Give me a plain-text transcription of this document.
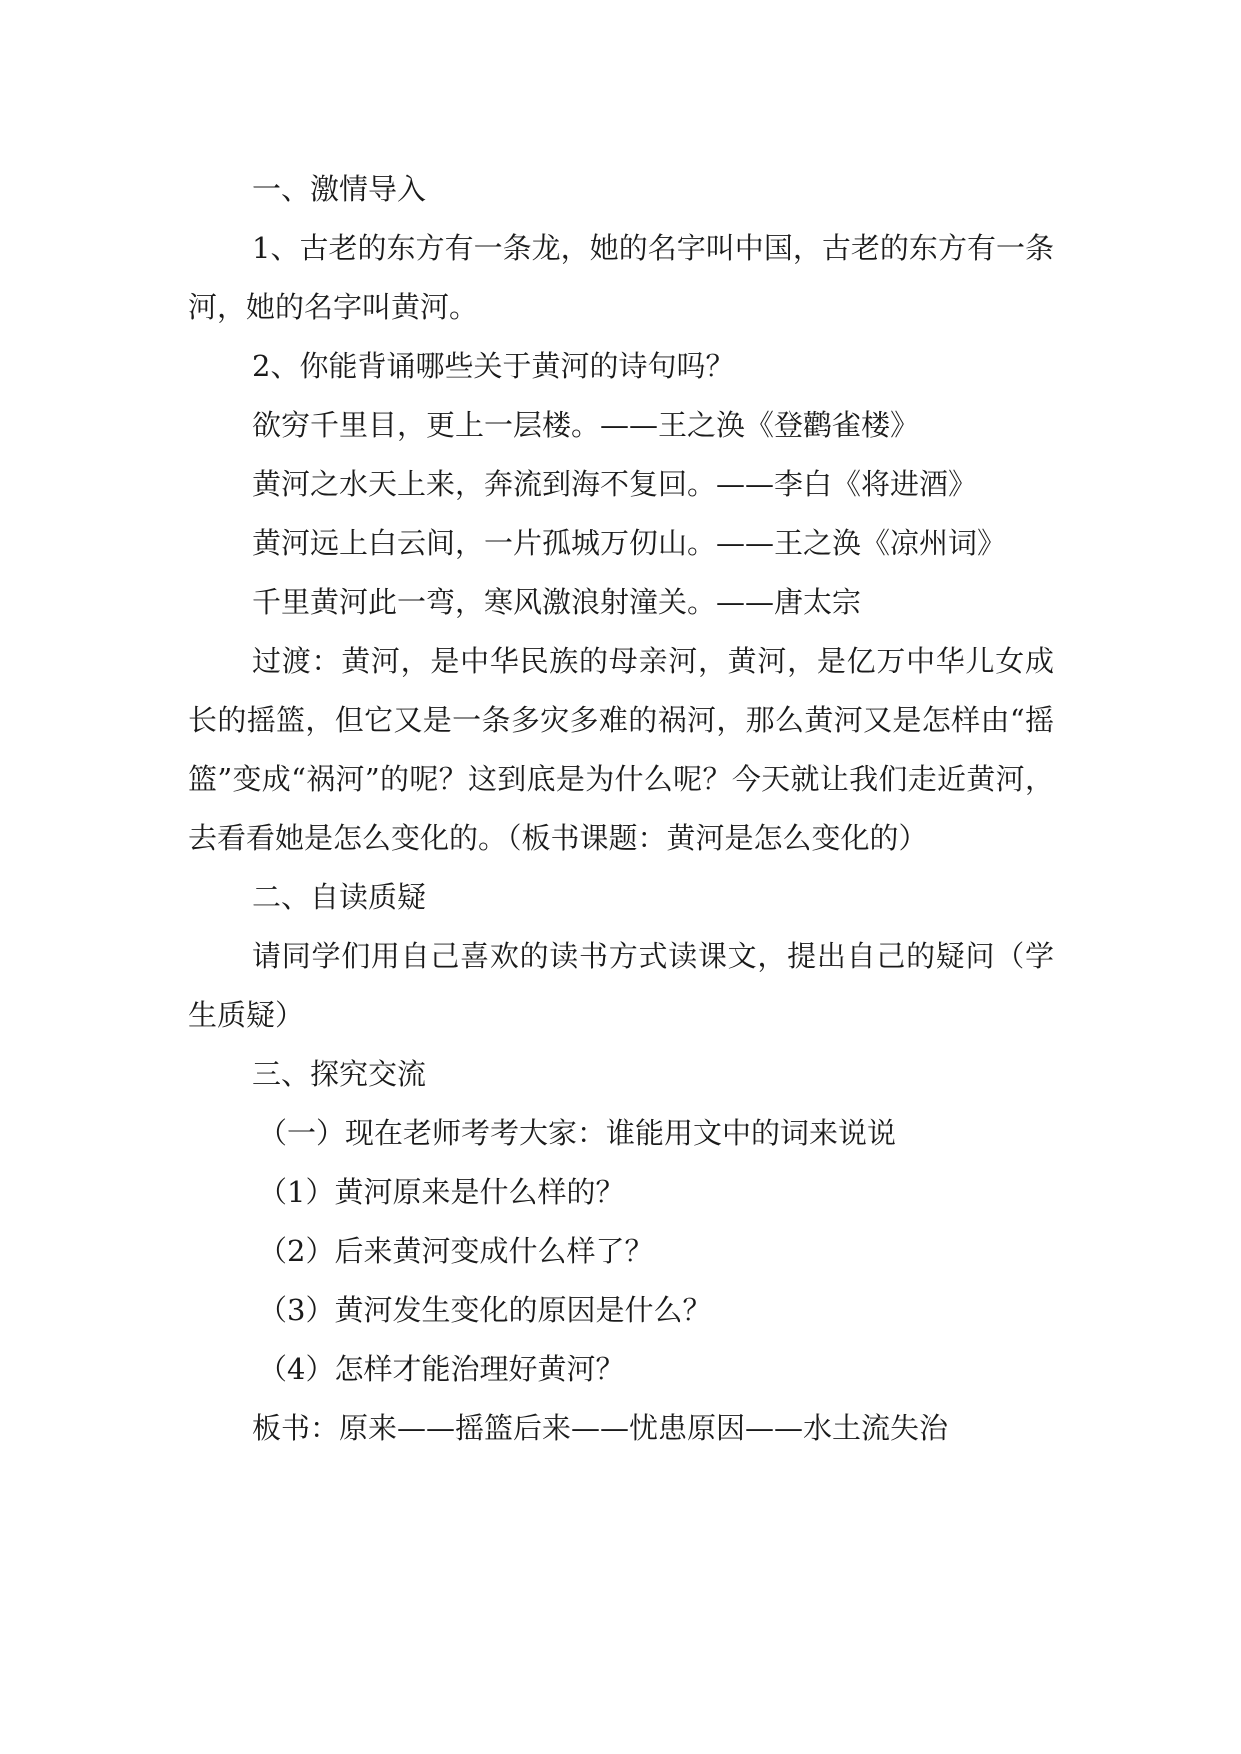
一、激情导入

1、古老的东方有一条龙，她的名字叫中国，古老的东方有一条河，她的名字叫黄河。

2、你能背诵哪些关于黄河的诗句吗？

欲穷千里目，更上一层楼。——王之涣《登鹳雀楼》

黄河之水天上来，奔流到海不复回。——李白《将进酒》

黄河远上白云间，一片孤城万仞山。——王之涣《凉州词》

千里黄河此一弯，寒风激浪射潼关。——唐太宗

过渡：黄河，是中华民族的母亲河，黄河，是亿万中华儿女成长的摇篮，但它又是一条多灾多难的祸河，那么黄河又是怎样由“摇篮”变成“祸河”的呢？这到底是为什么呢？今天就让我们走近黄河，去看看她是怎么变化的。（板书课题：黄河是怎么变化的）

二、自读质疑

请同学们用自己喜欢的读书方式读课文，提出自己的疑问（学生质疑）

三、探究交流

（一）现在老师考考大家：谁能用文中的词来说说

（1）黄河原来是什么样的？

（2）后来黄河变成什么样了？

（3）黄河发生变化的原因是什么？

（4）怎样才能治理好黄河？

板书：原来——摇篮后来——忧患原因——水土流失治
